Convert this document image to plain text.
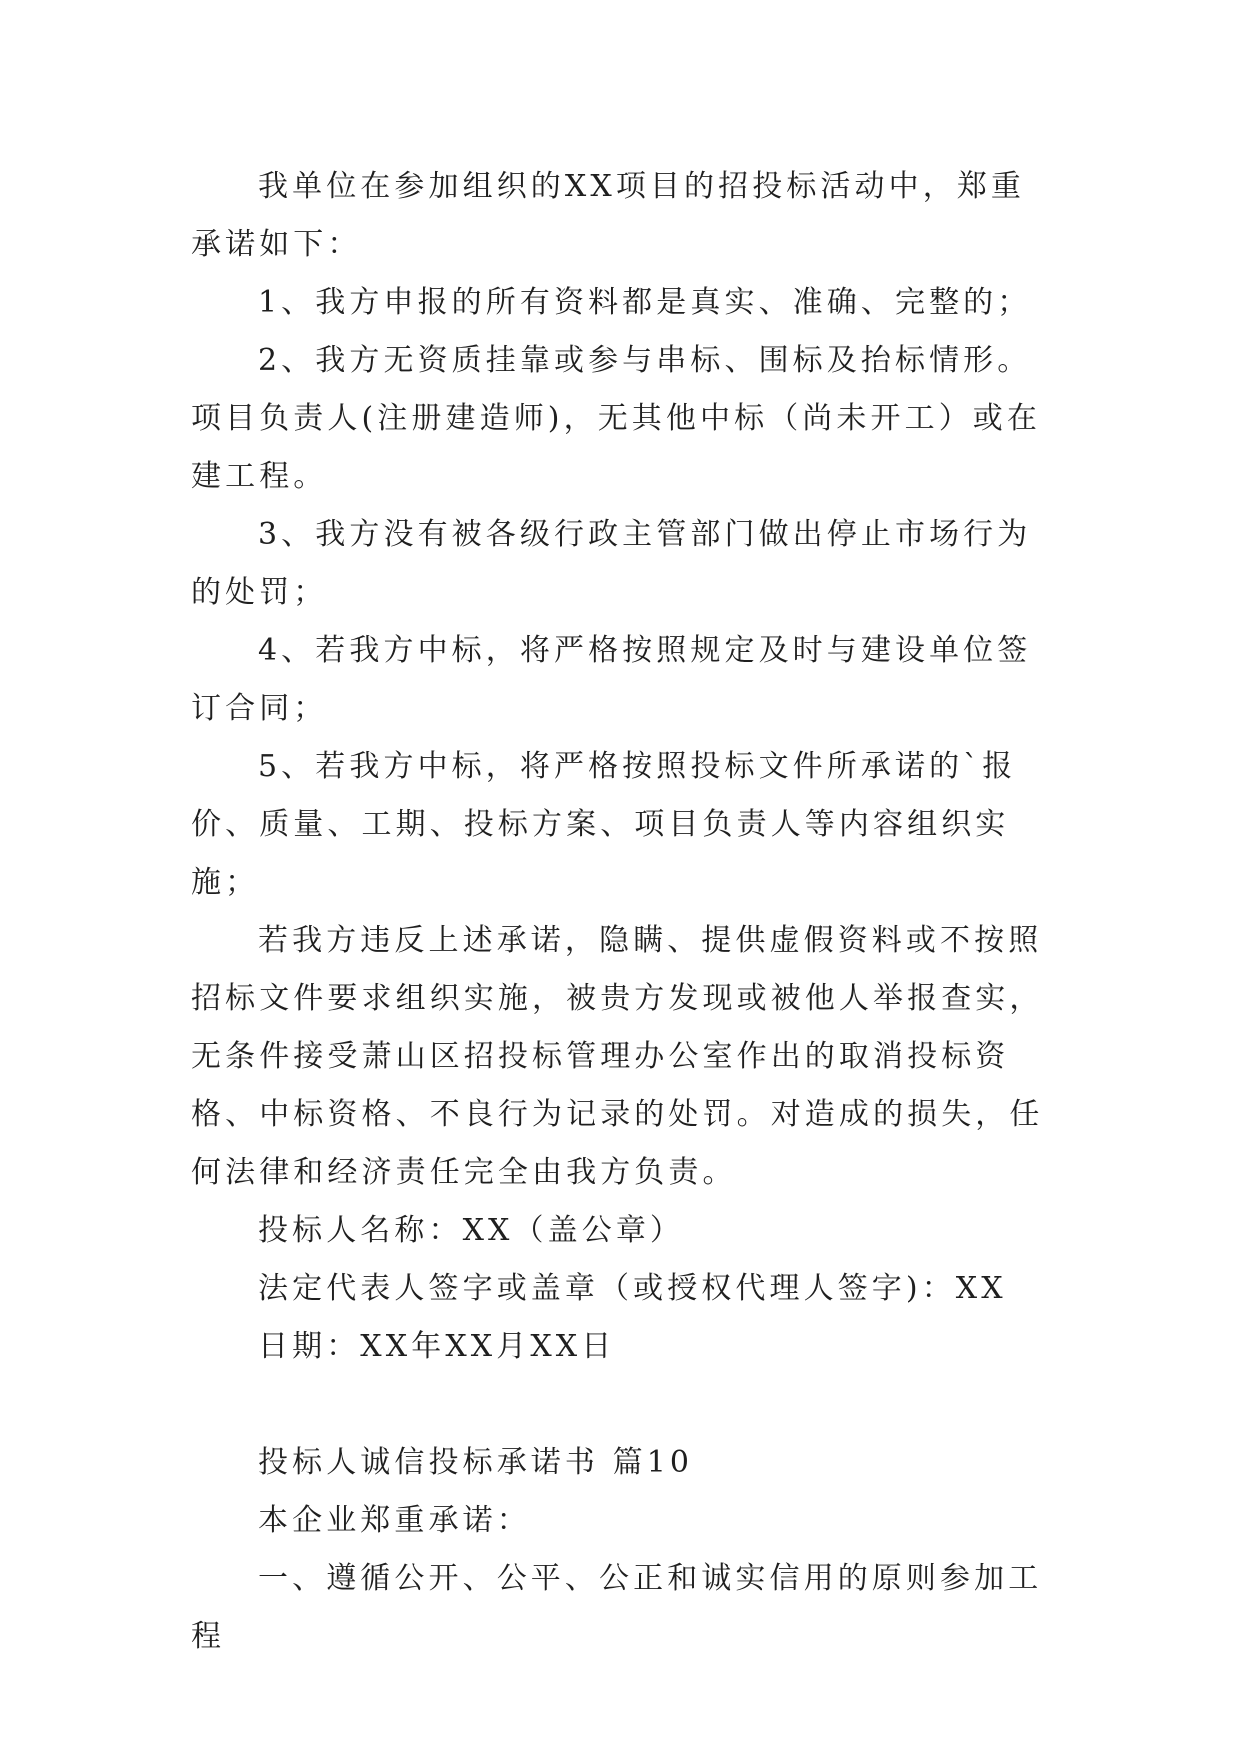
我单位在参加组织的XX项目的招投标活动中，郑重承诺如下：

1、我方申报的所有资料都是真实、准确、完整的；

2、我方无资质挂靠或参与串标、围标及抬标情形。项目负责人(注册建造师)，无其他中标（尚未开工）或在建工程。

3、我方没有被各级行政主管部门做出停止市场行为的处罚；

4、若我方中标，将严格按照规定及时与建设单位签订合同；

5、若我方中标，将严格按照投标文件所承诺的`报价、质量、工期、投标方案、项目负责人等内容组织实施；

若我方违反上述承诺，隐瞒、提供虚假资料或不按照招标文件要求组织实施，被贵方发现或被他人举报查实，无条件接受萧山区招投标管理办公室作出的取消投标资格、中标资格、不良行为记录的处罚。对造成的损失，任何法律和经济责任完全由我方负责。

投标人名称：XX（盖公章）

法定代表人签字或盖章（或授权代理人签字)：XX

日期：XX年XX月XX日

投标人诚信投标承诺书 篇10

本企业郑重承诺：

一、遵循公开、公平、公正和诚实信用的原则参加工程
